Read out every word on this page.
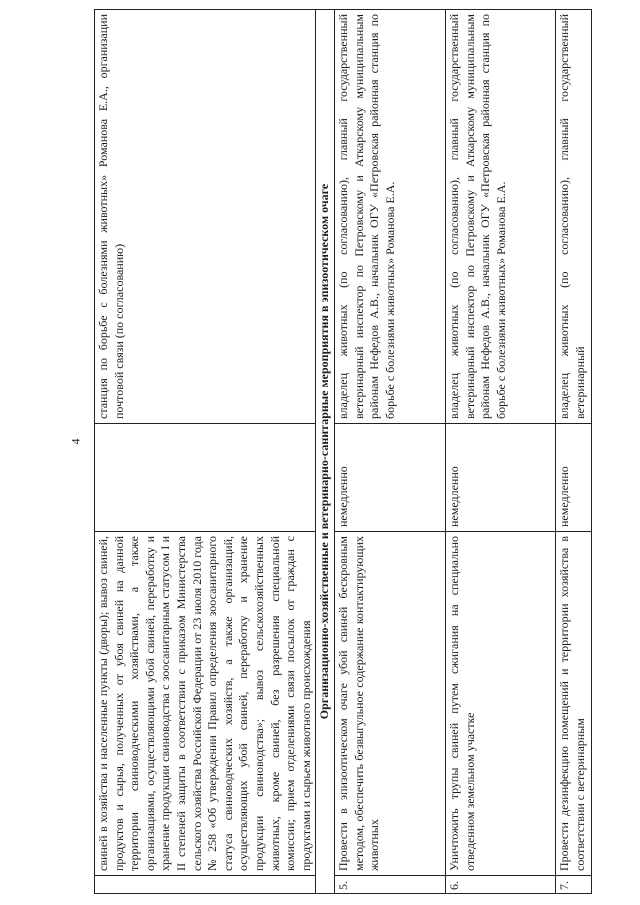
4

	свиней в хозяйства и населенные пункты (дворы); вывоз свиней, продуктов и сырья, полученных от убоя свиней на данной территории свиноводческими хозяйствами, а также организациями, осуществляющими убой свиней, переработку и хранение продукции свиноводства с зоосанитарным статусом I и II степеней защиты в соответствии с приказом Министерства сельского хозяйства Российской Федерации от 23 июля 2010 года № 258 «Об утверждении Правил определения зоосанитарного статуса свиноводческих хозяйств, а также организаций, осуществляющих убой свиней, переработку и хранение продукции свиноводства»; вывоз сельскохозяйственных животных, кроме свиней, без разрешения специальной комиссии; прием отделениями связи посылок от граждан с продуктами и сырьем животного происхождения		станция по борьбе с болезнями животных» Романова Е.А., организации почтовой связи (по согласованию)

Организационно-хозяйственные и ветеринарно-санитарные мероприятия в эпизоотическом очаге			
5.	Провести в эпизоотическом очаге убой свиней бескровным методом, обеспечить безвыгульное содержание контактирующих животных	немедленно	владелец животных (по согласованию), главный государственный ветеринарный инспектор по Петровскому и Аткарскому муниципальным районам Нефедов А.В., начальник ОГУ «Петровская районная станция по борьбе с болезнями животных» Романова Е.А.

6.	Уничтожить трупы свиней путем сжигания на специально отведенном земельном участке	немедленно	владелец животных (по согласованию), главный государственный ветеринарный инспектор по Петровскому и Аткарскому муниципальным районам Нефедов А.В., начальник ОГУ «Петровская районная станция по борьбе с болезнями животных» Романова Е.А.

7.	Провести дезинфекцию помещений и территории хозяйства в соответствии с ветеринарным	немедленно	владелец животных (по согласованию), главный государственный ветеринарный
